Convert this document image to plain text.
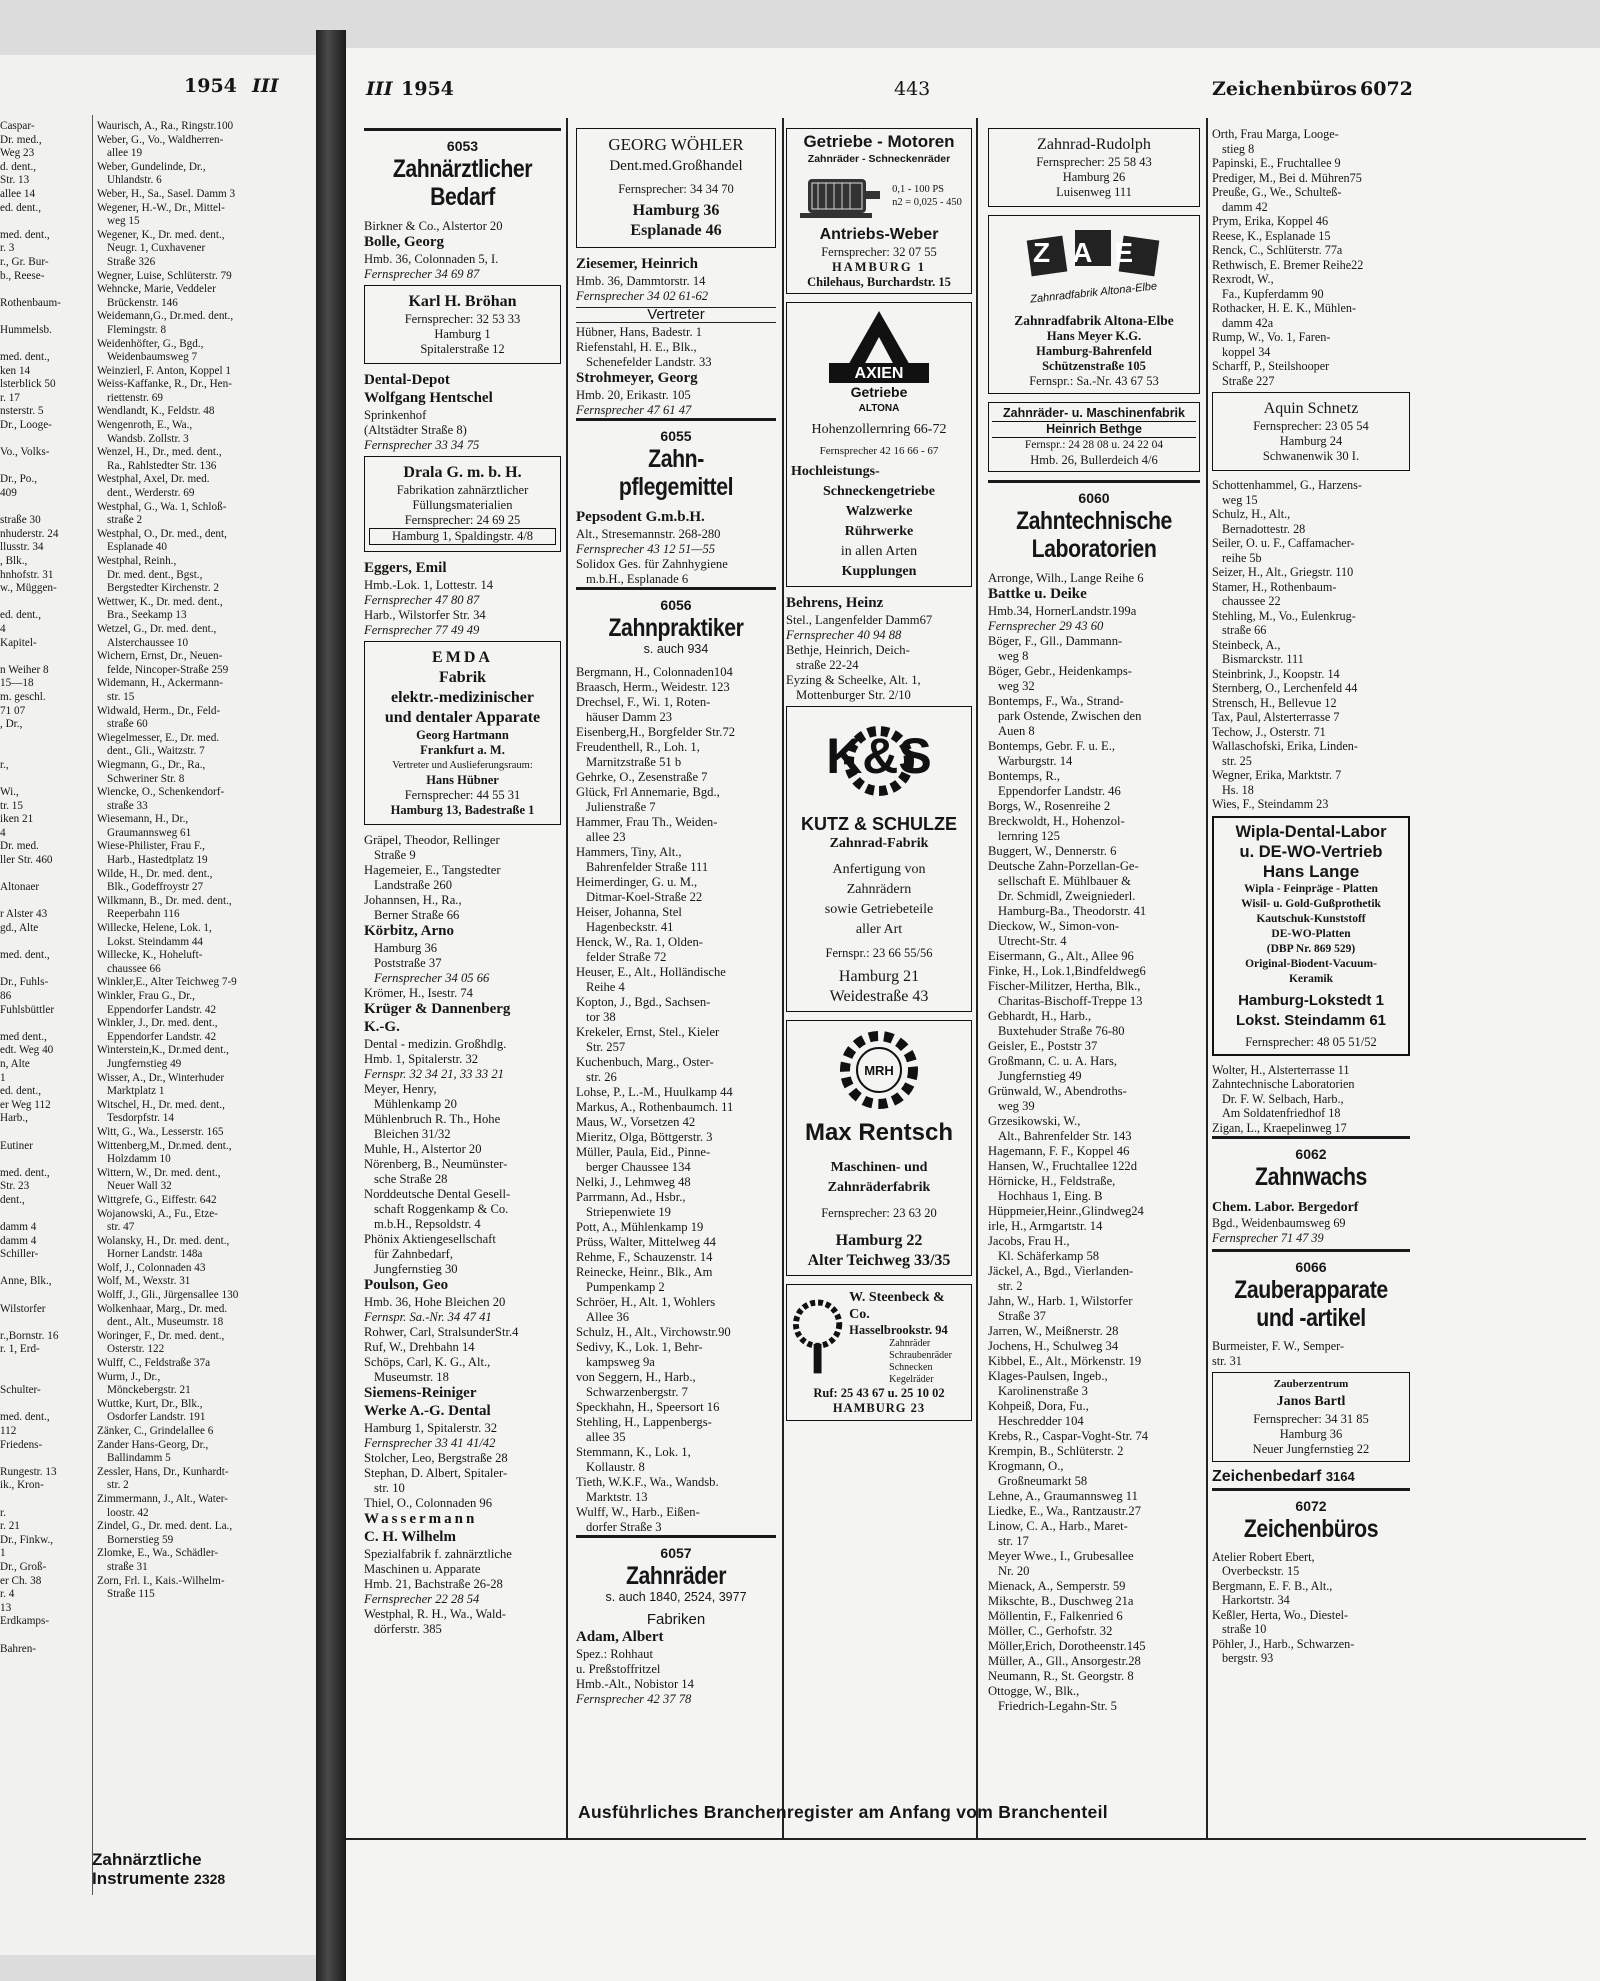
1954 III
Caspar-
Dr. med.,
Weg 23
d. dent.,
Str. 13
allee 14
ed. dent.,
med. dent.,
r. 3
r., Gr. Bur-
b., Reese-
Rothenbaum-
Hummelsb.
med. dent.,
ken 14
lsterblick 50
r. 17
nsterstr. 5
Dr., Looge-
Vo., Volks-
Dr., Po.,
409
straße 30
nhuderstr. 24
llusstr. 34
, Blk.,
hnhofstr. 31
w., Müggen-
ed. dent.,
4
Kapitel-
n Weiher 8
15—18
m. geschl.
71 07
, Dr.,
r.,
Wi.,
tr. 15
iken 21
4
Dr. med.
ller Str. 460
Altonaer
r Alster 43
gd., Alte
med. dent.,
Dr., Fuhls-
86
Fuhlsbüttler
med dent.,
edt. Weg 40
n, Alte
1
ed. dent.,
er Weg 112
Harb.,
Eutiner
med. dent.,
Str. 23
dent.,
damm 4
damm 4
Schiller-
Anne, Blk.,
Wilstorfer
r.,Bornstr. 16
r. 1, Erd-
Schulter-
med. dent.,
112
Friedens-
Rungestr. 13
ik., Kron-
r.
r. 21
Dr., Finkw.,
1
Dr., Groß-
er Ch. 38
r. 4
13
Erdkamps-
Bahren-
Waurisch, A., Ra., Ringstr.100
Weber, G., Vo., Waldherren-
allee 19
Weber, Gundelinde, Dr.,
Uhlandstr. 6
Weber, H., Sa., Sasel. Damm 3
Wegener, H.-W., Dr., Mittel-
weg 15
Wegener, K., Dr. med. dent.,
Neugr. 1, Cuxhavener
Straße 326
Wegner, Luise, Schlüterstr. 79
Wehncke, Marie, Veddeler
Brückenstr. 146
Weidemann,G., Dr.med. dent.,
Flemingstr. 8
Weidenhöfter, G., Bgd.,
Weidenbaumsweg 7
Weinzierl, F. Anton, Koppel 1
Weiss-Kaffanke, R., Dr., Hen-
riettenstr. 69
Wendlandt, K., Feldstr. 48
Wengenroth, E., Wa.,
Wandsb. Zollstr. 3
Wenzel, H., Dr., med. dent.,
Ra., Rahlstedter Str. 136
Westphal, Axel, Dr. med.
dent., Werderstr. 69
Westphal, G., Wa. 1, Schloß-
straße 2
Westphal, O., Dr. med., dent,
Esplanade 40
Westphal, Reinh.,
Dr. med. dent., Bgst.,
Bergstedter Kirchenstr. 2
Wettwer, K., Dr. med. dent.,
Bra., Seekamp 13
Wetzel, G., Dr. med. dent.,
Alsterchaussee 10
Wichern, Ernst, Dr., Neuen-
felde, Nincoper-Straße 259
Widemann, H., Ackermann-
str. 15
Widwald, Herm., Dr., Feld-
straße 60
Wiegelmesser, E., Dr. med.
dent., Gli., Waitzstr. 7
Wiegmann, G., Dr., Ra.,
Schweriner Str. 8
Wiencke, O., Schenkendorf-
straße 33
Wiesemann, H., Dr.,
Graumannsweg 61
Wiese-Philister, Frau F.,
Harb., Hastedtplatz 19
Wilde, H., Dr. med. dent.,
Blk., Godeffroystr 27
Wilkmann, B., Dr. med. dent.,
Reeperbahn 116
Willecke, Helene, Lok. 1,
Lokst. Steindamm 44
Willecke, K., Hoheluft-
chaussee 66
Winkler,E., Alter Teichweg 7-9
Winkler, Frau G., Dr.,
Eppendorfer Landstr. 42
Winkler, J., Dr. med. dent.,
Eppendorfer Landstr. 42
Winterstein,K., Dr.med dent.,
Jungfernstieg 49
Wisser, A., Dr., Winterhuder
Marktplatz 1
Witschel, H., Dr. med. dent.,
Tesdorpfstr. 14
Witt, G., Wa., Lesserstr. 165
Wittenberg,M., Dr.med. dent.,
Holzdamm 10
Wittern, W., Dr. med. dent.,
Neuer Wall 32
Wittgrefe, G., Eiffestr. 642
Wojanowski, A., Fu., Etze-
str. 47
Wolansky, H., Dr. med. dent.,
Horner Landstr. 148a
Wolf, J., Colonnaden 43
Wolf, M., Wexstr. 31
Wolff, J., Gli., Jürgensallee 130
Wolkenhaar, Marg., Dr. med.
dent., Alt., Museumstr. 18
Woringer, F., Dr. med. dent.,
Osterstr. 122
Wulff, C., Feldstraße 37a
Wurm, J., Dr.,
Mönckebergstr. 21
Wuttke, Kurt, Dr., Blk.,
Osdorfer Landstr. 191
Zänker, C., Grindelallee 6
Zander Hans-Georg, Dr.,
Ballindamm 5
Zessler, Hans, Dr., Kunhardt-
str. 2
Zimmermann, J., Alt., Water-
loostr. 42
Zindel, G., Dr. med. dent. La.,
Bornerstieg 59
Zlomke, E., Wa., Schädler-
straße 31
Zorn, Frl. I., Kais.-Wilhelm-
Straße 115
Zahnärztliche
Instrumente 2328
III 1954	443	Zeichenbüros 6072
6053
Zahnärztlicher
Bedarf
Birkner & Co., Alstertor 20
Bolle, Georg
Hmb. 36, Colonnaden 5, I.
Fernsprecher 34 69 87
Karl H. Bröhan
Fernsprecher: 32 53 33
Hamburg 1
Spitalerstraße 12
Dental-Depot
Wolfgang Hentschel
Sprinkenhof
(Altstädter Straße 8)
Fernsprecher 33 34 75
Drala G. m. b. H.
Fabrikation zahnärztlicher
Füllungsmaterialien
Fernsprecher: 24 69 25
Hamburg 1, Spaldingstr. 4/8
Eggers, Emil
Hmb.-Lok. 1, Lottestr. 14
Fernsprecher 47 80 87
Harb., Wilstorfer Str. 34
Fernsprecher 77 49 49
EMDA
Fabrik
elektr.-medizinischer
und dentaler Apparate
Georg Hartmann
Frankfurt a. M.
Vertreter und Auslieferungsraum:
Hans Hübner
Fernsprecher: 44 55 31
Hamburg 13, Badestraße 1
Gräpel, Theodor, Rellinger
Straße 9
Hagemeier, E., Tangstedter
Landstraße 260
Johannsen, H., Ra.,
Berner Straße 66
Körbitz, Arno
Hamburg 36
Poststraße 37
Fernsprecher 34 05 66
Krömer, H., Isestr. 74
Krüger & Dannenberg
K.-G.
Dental - medizin. Großhdlg.
Hmb. 1, Spitalerstr. 32
Fernspr. 32 34 21, 33 33 21
Meyer, Henry,
Mühlenkamp 20
Mühlenbruch R. Th., Hohe
Bleichen 31/32
Muhle, H., Alstertor 20
Nörenberg, B., Neumünster-
sche Straße 28
Norddeutsche Dental Gesell-
schaft Roggenkamp & Co.
m.b.H., Repsoldstr. 4
Phönix Aktiengesellschaft
für Zahnbedarf,
Jungfernstieg 30
Poulson, Geo
Hmb. 36, Hohe Bleichen 20
Fernspr. Sa.-Nr. 34 47 41
Rohwer, Carl, StralsunderStr.4
Ruf, W., Drehbahn 14
Schöps, Carl, K. G., Alt.,
Museumstr. 18
Siemens-Reiniger
Werke A.-G. Dental
Hamburg 1, Spitalerstr. 32
Fernsprecher 33 41 41/42
Stolcher, Leo, Bergstraße 28
Stephan, D. Albert, Spitaler-
str. 10
Thiel, O., Colonnaden 96
Wassermann
C. H. Wilhelm
Spezialfabrik f. zahnärztliche
Maschinen u. Apparate
Hmb. 21, Bachstraße 26-28
Fernsprecher 22 28 54
Westphal, R. H., Wa., Wald-
dörferstr. 385
GEORG WÖHLER
Dent.med.Großhandel
Fernsprecher: 34 34 70
Hamburg 36
Esplanade 46
Ziesemer, Heinrich
Hmb. 36, Dammtorstr. 14
Fernsprecher 34 02 61-62
Vertreter
Hübner, Hans, Badestr. 1
Riefenstahl, H. E., Blk.,
Schenefelder Landstr. 33
Strohmeyer, Georg
Hmb. 20, Erikastr. 105
Fernsprecher 47 61 47
6055
Zahn-
pflegemittel
Pepsodent G.m.b.H.
Alt., Stresemannstr. 268-280
Fernsprecher 43 12 51—55
Solidox Ges. für Zahnhygiene
m.b.H., Esplanade 6
6056
Zahnpraktiker
s. auch 934
Bergmann, H., Colonnaden104
Braasch, Herm., Weidestr. 123
Drechsel, F., Wi. 1, Roten-
häuser Damm 23
Eisenberg,H., Borgfelder Str.72
Freudenthell, R., Loh. 1,
Marnitzstraße 51 b
Gehrke, O., Zesenstraße 7
Glück, Frl Annemarie, Bgd.,
Julienstraße 7
Hammer, Frau Th., Weiden-
allee 23
Hammers, Tiny, Alt.,
Bahrenfelder Straße 111
Heimerdinger, G. u. M.,
Ditmar-Koel-Straße 22
Heiser, Johanna, Stel
Hagenbeckstr. 41
Henck, W., Ra. 1, Olden-
felder Straße 72
Heuser, E., Alt., Holländische
Reihe 4
Kopton, J., Bgd., Sachsen-
tor 38
Krekeler, Ernst, Stel., Kieler
Str. 257
Kuchenbuch, Marg., Oster-
str. 26
Lohse, P., L.-M., Huulkamp 44
Markus, A., Rothenbaumch. 11
Maus, W., Vorsetzen 42
Mieritz, Olga, Böttgerstr. 3
Müller, Paula, Eid., Pinne-
berger Chaussee 134
Nelki, J., Lehmweg 48
Parrmann, Ad., Hsbr.,
Striepenwiete 19
Pott, A., Mühlenkamp 19
Prüss, Walter, Mittelweg 44
Rehme, F., Schauzenstr. 14
Reinecke, Heinr., Blk., Am
Pumpenkamp 2
Schröer, H., Alt. 1, Wohlers
Allee 36
Schulz, H., Alt., Virchowstr.90
Sedivy, K., Lok. 1, Behr-
kampsweg 9a
von Seggern, H., Harb.,
Schwarzenbergstr. 7
Speckhahn, H., Speersort 16
Stehling, H., Lappenbergs-
allee 35
Stemmann, K., Lok. 1,
Kollaustr. 8
Tieth, W.K.F., Wa., Wandsb.
Marktstr. 13
Wulff, W., Harb., Eißen-
dorfer Straße 3
6057
Zahnräder
s. auch 1840, 2524, 3977
Fabriken
Adam, Albert
Spez.: Rohhaut
u. Preßstoffritzel
Hmb.-Alt., Nobistor 14
Fernsprecher 42 37 78
Getriebe - Motoren
Zahnräder - Schneckenräder
0,1 - 100 PS
n2 = 0,025 - 450
Antriebs-Weber
Fernsprecher: 32 07 55
HAMBURG 1
Chilehaus, Burchardstr. 15
AXIEN
Getriebe
ALTONA
Hohenzollernring 66-72
Fernsprecher 42 16 66 - 67
Hochleistungs-
Schneckengetriebe
Walzwerke
Rührwerke
in allen Arten
Kupplungen
Behrens, Heinz
Stel., Langenfelder Damm67
Fernsprecher 40 94 88
Bethje, Heinrich, Deich-
straße 22-24
Eyzing & Scheelke, Alt. 1,
Mottenburger Str. 2/10
K&S
KUTZ & SCHULZE
Zahnrad-Fabrik
Anfertigung von
Zahnrädern
sowie Getriebeteile
aller Art
Fernspr.: 23 66 55/56
Hamburg 21
Weidestraße 43
MRH
Max Rentsch
Maschinen- und
Zahnräderfabrik
Fernsprecher: 23 63 20
Hamburg 22
Alter Teichweg 33/35
W. Steenbeck & Co.
Hasselbrookstr. 94
Zahnräder
Schraubenräder
Schnecken
Kegelräder
Ruf: 25 43 67 u. 25 10 02
HAMBURG 23
Zahnrad-Rudolph
Fernsprecher: 25 58 43
Hamburg 26
Luisenweg 111
ZAE
Zahnradfabrik Altona-Elbe
Zahnradfabrik Altona-Elbe
Hans Meyer K.G.
Hamburg-Bahrenfeld
Schützenstraße 105
Fernspr.: Sa.-Nr. 43 67 53
Zahnräder- u. Maschinenfabrik
Heinrich Bethge
Fernspr.: 24 28 08 u. 24 22 04
Hmb. 26, Bullerdeich 4/6
6060
Zahntechnische
Laboratorien
Arronge, Wilh., Lange Reihe 6
Battke u. Deike
Hmb.34, HornerLandstr.199a
Fernsprecher 29 43 60
Böger, F., Gll., Dammann-
weg 8
Böger, Gebr., Heidenkamps-
weg 32
Bontemps, F., Wa., Strand-
park Ostende, Zwischen den
Auen 8
Bontemps, Gebr. F. u. E.,
Warburgstr. 14
Bontemps, R.,
Eppendorfer Landstr. 46
Borgs, W., Rosenreihe 2
Breckwoldt, H., Hohenzol-
lernring 125
Buggert, W., Dennerstr. 6
Deutsche Zahn-Porzellan-Ge-
sellschaft E. Mühlbauer &
Dr. Schmidl, Zweigniederl.
Hamburg-Ba., Theodorstr. 41
Dieckow, W., Simon-von-
Utrecht-Str. 4
Eisermann, G., Alt., Allee 96
Finke, H., Lok.1,Bindfeldweg6
Fischer-Militzer, Hertha, Blk.,
Charitas-Bischoff-Treppe 13
Gebhardt, H., Harb.,
Buxtehuder Straße 76-80
Geisler, E., Poststr 37
Großmann, C. u. A. Hars,
Jungfernstieg 49
Grünwald, W., Abendroths-
weg 39
Grzesikowski, W.,
Alt., Bahrenfelder Str. 143
Hagemann, F. F., Koppel 46
Hansen, W., Fruchtallee 122d
Hörnicke, H., Feldstraße,
Hochhaus 1, Eing. B
Hüppmeier,Heinr.,Glindweg24
irle, H., Armgartstr. 14
Jacobs, Frau H.,
Kl. Schäferkamp 58
Jäckel, A., Bgd., Vierlanden-
str. 2
Jahn, W., Harb. 1, Wilstorfer
Straße 37
Jarren, W., Meißnerstr. 28
Jochens, H., Schulweg 34
Kibbel, E., Alt., Mörkenstr. 19
Klages-Paulsen, Ingeb.,
Karolinenstraße 3
Kohpeiß, Dora, Fu.,
Heschredder 104
Krebs, R., Caspar-Voght-Str. 74
Krempin, B., Schlüterstr. 2
Krogmann, O.,
Großneumarkt 58
Lehne, A., Graumannsweg 11
Liedke, E., Wa., Rantzaustr.27
Linow, C. A., Harb., Maret-
str. 17
Meyer Wwe., I., Grubesallee
Nr. 20
Mienack, A., Semperstr. 59
Mikschte, B., Duschweg 21a
Möllentin, F., Falkenried 6
Möller, C., Gerhofstr. 32
Möller,Erich, Dorotheenstr.145
Müller, A., Gll., Ansorgestr.28
Neumann, R., St. Georgstr. 8
Ottogge, W., Blk.,
Friedrich-Legahn-Str. 5
Orth, Frau Marga, Looge-
stieg 8
Papinski, E., Fruchtallee 9
Prediger, M., Bei d. Mühren75
Preuße, G., We., Schulteß-
damm 42
Prym, Erika, Koppel 46
Reese, K., Esplanade 15
Renck, C., Schlüterstr. 77a
Rethwisch, E. Bremer Reihe22
Rexrodt, W.,
Fa., Kupferdamm 90
Rothacker, H. E. K., Mühlen-
damm 42a
Rump, W., Vo. 1, Faren-
koppel 34
Scharff, P., Steilshooper
Straße 227
Aquin Schnetz
Fernsprecher: 23 05 54
Hamburg 24
Schwanenwik 30 I.
Schottenhammel, G., Harzens-
weg 15
Schulz, H., Alt.,
Bernadottestr. 28
Seiler, O. u. F., Caffamacher-
reihe 5b
Seizer, H., Alt., Griegstr. 110
Stamer, H., Rothenbaum-
chaussee 22
Stehling, M., Vo., Eulenkrug-
straße 66
Steinbeck, A.,
Bismarckstr. 111
Steinbrink, J., Koopstr. 14
Sternberg, O., Lerchenfeld 44
Strensch, H., Bellevue 12
Tax, Paul, Alsterterrasse 7
Techow, J., Osterstr. 71
Wallaschofski, Erika, Linden-
str. 25
Wegner, Erika, Marktstr. 7
Hs. 18
Wies, F., Steindamm 23
Wipla-Dental-Labor
u. DE-WO-Vertrieb
Hans Lange
Wipla - Feinpräge - Platten
Wisil- u. Gold-Gußprothetik
Kautschuk-Kunststoff
DE-WO-Platten
(DBP Nr. 869 529)
Original-Biodent-Vacuum-
Keramik
Hamburg-Lokstedt 1
Lokst. Steindamm 61
Fernsprecher: 48 05 51/52
Wolter, H., Alsterterrasse 11
Zahntechnische Laboratorien
Dr. F. W. Selbach, Harb.,
Am Soldatenfriedhof 18
Zigan, L., Kraepelinweg 17
6062
Zahnwachs
Chem. Labor. Bergedorf
Bgd., Weidenbaumsweg 69
Fernsprecher 71 47 39
6066
Zauberapparate
und -artikel
Burmeister, F. W., Semper-
str. 31
Zauberzentrum
Janos Bartl
Fernsprecher: 34 31 85
Hamburg 36
Neuer Jungfernstieg 22
Zeichenbedarf 3164
6072
Zeichenbüros
Atelier Robert Ebert,
Overbeckstr. 15
Bergmann, E. F. B., Alt.,
Harkortstr. 34
Keßler, Herta, Wo., Diestel-
straße 10
Pöhler, J., Harb., Schwarzen-
bergstr. 93
Ausführliches Branchenregister am Anfang vom Branchenteil
